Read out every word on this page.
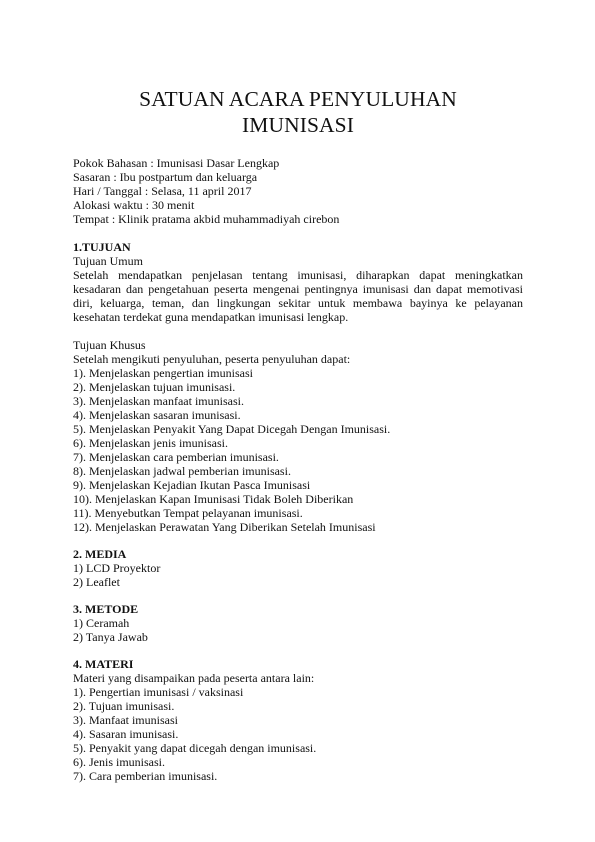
SATUAN ACARA PENYULUHAN
IMUNISASI
Pokok Bahasan : Imunisasi Dasar Lengkap
Sasaran : Ibu postpartum dan keluarga
Hari / Tanggal : Selasa, 11 april 2017
Alokasi waktu : 30 menit
Tempat : Klinik pratama akbid muhammadiyah cirebon
1.TUJUAN
Tujuan Umum
Setelah mendapatkan penjelasan tentang imunisasi, diharapkan dapat meningkatkan kesadaran dan pengetahuan peserta mengenai pentingnya imunisasi dan dapat memotivasi diri, keluarga, teman, dan lingkungan sekitar untuk membawa bayinya ke pelayanan kesehatan terdekat guna mendapatkan imunisasi lengkap.
Tujuan Khusus
Setelah mengikuti penyuluhan, peserta penyuluhan dapat:
1). Menjelaskan pengertian imunisasi
2). Menjelaskan tujuan imunisasi.
3). Menjelaskan manfaat imunisasi.
4). Menjelaskan sasaran imunisasi.
5). Menjelaskan Penyakit Yang Dapat Dicegah Dengan Imunisasi.
6). Menjelaskan jenis imunisasi.
7). Menjelaskan cara pemberian imunisasi.
8). Menjelaskan jadwal pemberian imunisasi.
9). Menjelaskan Kejadian Ikutan Pasca Imunisasi
10). Menjelaskan Kapan Imunisasi Tidak Boleh Diberikan
11). Menyebutkan Tempat pelayanan imunisasi.
12). Menjelaskan Perawatan Yang Diberikan Setelah Imunisasi
2. MEDIA
1) LCD Proyektor
2) Leaflet
3. METODE
1) Ceramah
2) Tanya Jawab
4. MATERI
Materi yang disampaikan pada peserta antara lain:
1). Pengertian imunisasi / vaksinasi
2). Tujuan imunisasi.
3). Manfaat imunisasi
4). Sasaran imunisasi.
5). Penyakit yang dapat dicegah dengan imunisasi.
6). Jenis imunisasi.
7). Cara pemberian imunisasi.
